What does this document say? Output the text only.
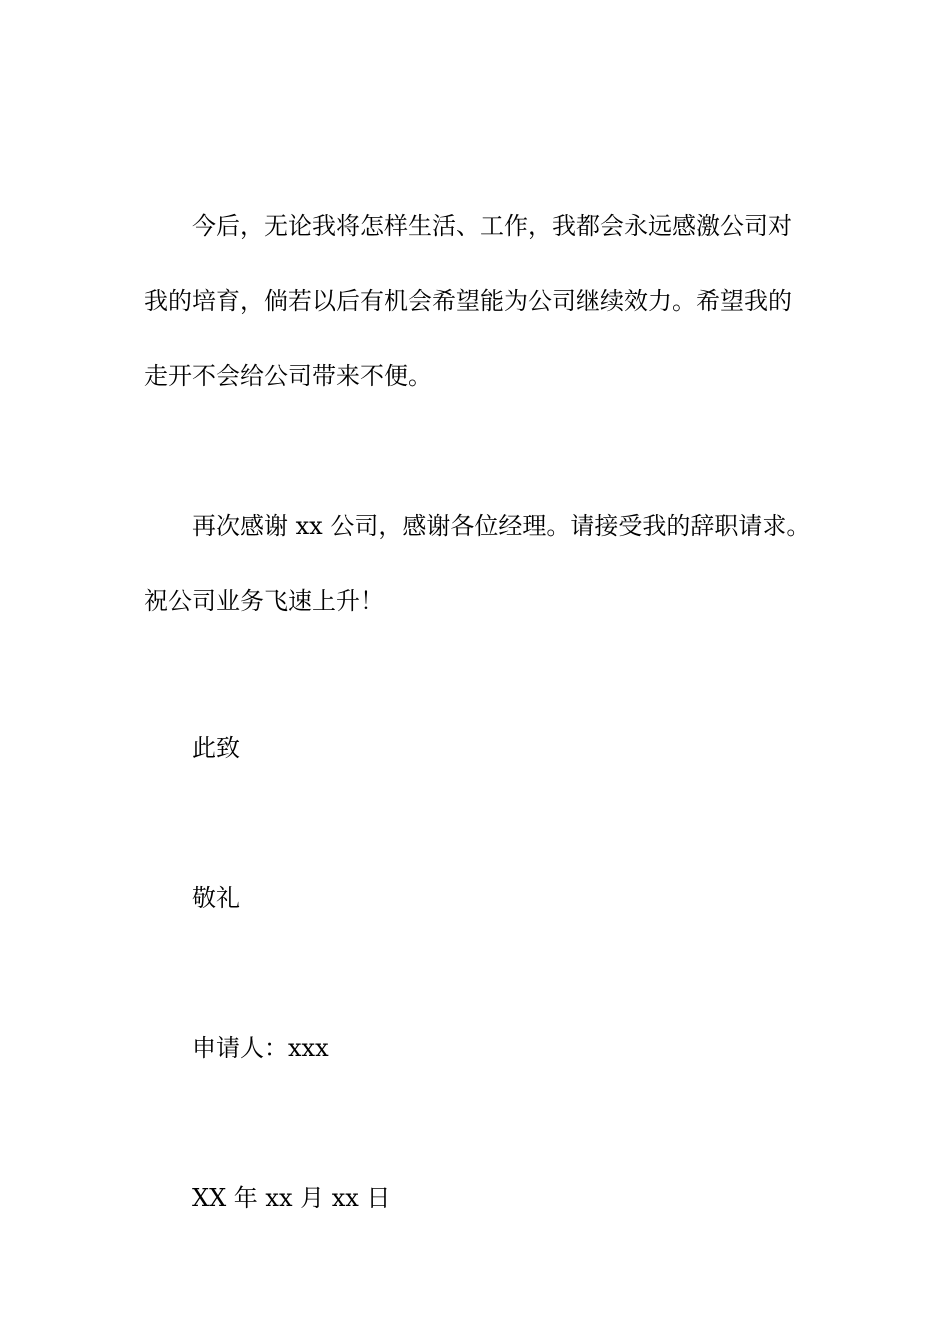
今后，无论我将怎样生活、工作，我都会永远感激公司对
我的培育，倘若以后有机会希望能为公司继续效力。希望我的
走开不会给公司带来不便。
再次感谢 xx 公司，感谢各位经理。请接受我的辞职请求。
祝公司业务飞速上升！
此致
敬礼
申请人：xxx
XX 年 xx 月 xx 日
